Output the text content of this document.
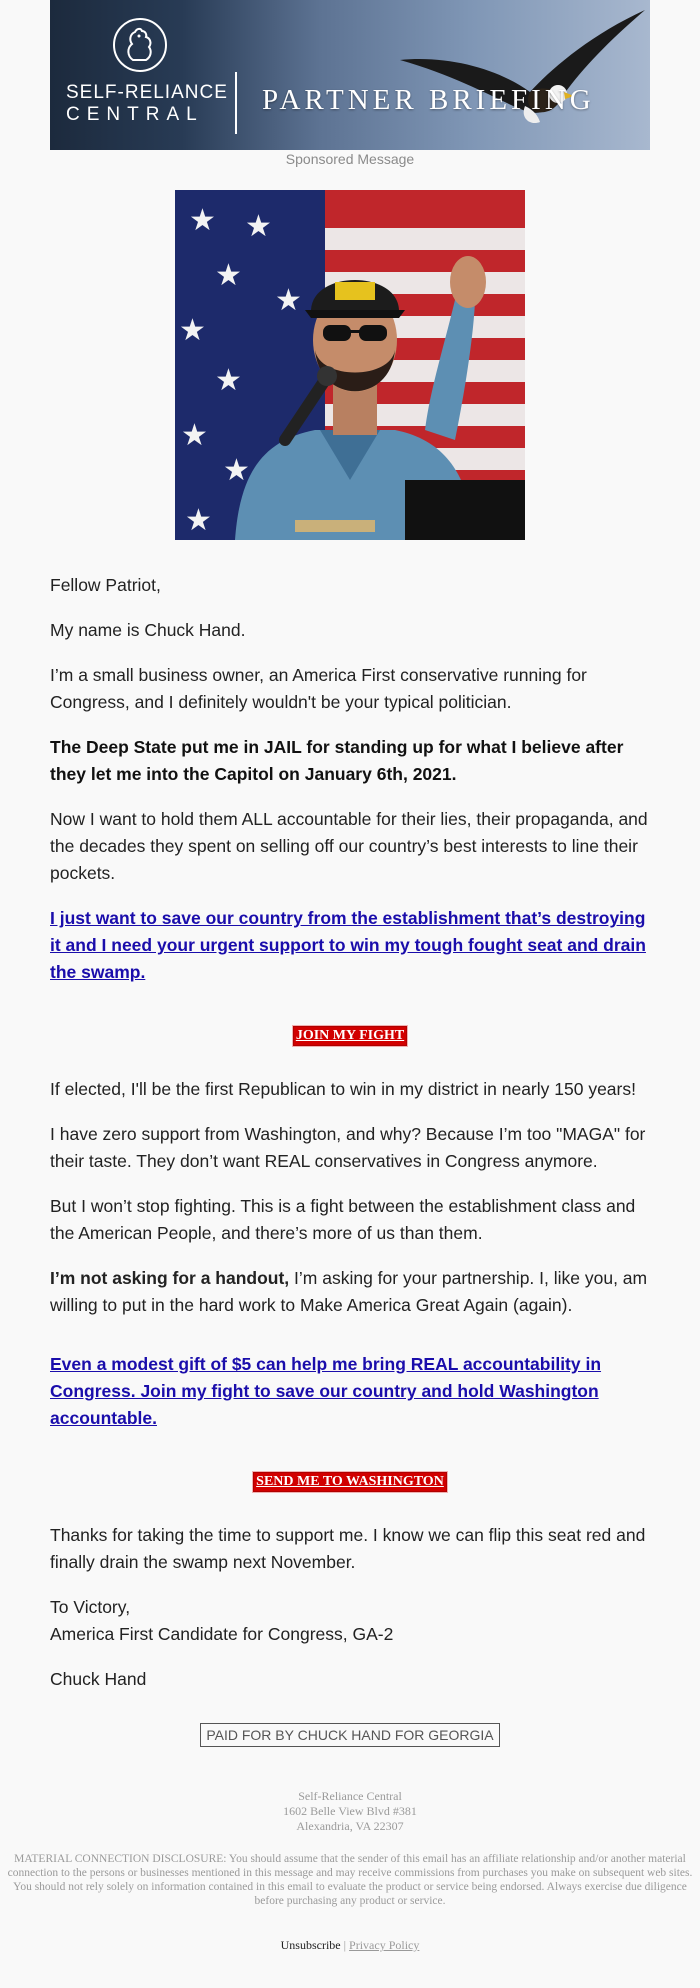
SELF-RELIANCE
CENTRAL PARTNER BRIEFING
Sponsored Message
★ ★
★
★
★
★
★
★
★

Fellow Patriot,

My name is Chuck Hand.

I’m a small business owner, an America First conservative running for Congress, and I definitely wouldn't be your typical politician.

The Deep State put me in JAIL for standing up for what I believe after they let me into the Capitol on January 6th, 2021.

Now I want to hold them ALL accountable for their lies, their propaganda, and the decades they spent on selling off our country’s best interests to line their pockets.

I just want to save our country from the establishment that’s destroying it and I need your urgent support to win my tough fought seat and drain the swamp.

JOIN MY FIGHT

If elected, I'll be the first Republican to win in my district in nearly 150 years!

I have zero support from Washington, and why? Because I’m too "MAGA" for their taste. They don’t want REAL conservatives in Congress anymore.

But I won’t stop fighting. This is a fight between the establishment class and the American People, and there’s more of us than them.

I’m not asking for a handout, I’m asking for your partnership. I, like you, am willing to put in the hard work to Make America Great Again (again).

Even a modest gift of $5 can help me bring REAL accountability in Congress. Join my fight to save our country and hold Washington accountable.

SEND ME TO WASHINGTON

Thanks for taking the time to support me. I know we can flip this seat red and finally drain the swamp next November.

To Victory,
America First Candidate for Congress, GA-2

Chuck Hand

PAID FOR BY CHUCK HAND FOR GEORGIA
Self-Reliance Central
1602 Belle View Blvd #381
Alexandria, VA 22307
MATERIAL CONNECTION DISCLOSURE: You should assume that the sender of this email has an affiliate relationship and/or another material connection to the persons or businesses mentioned in this message and may receive commissions from purchases you make on subsequent web sites. You should not rely solely on information contained in this email to evaluate the product or service being endorsed. Always exercise due diligence before purchasing any product or service.
Unsubscribe | Privacy Policy
